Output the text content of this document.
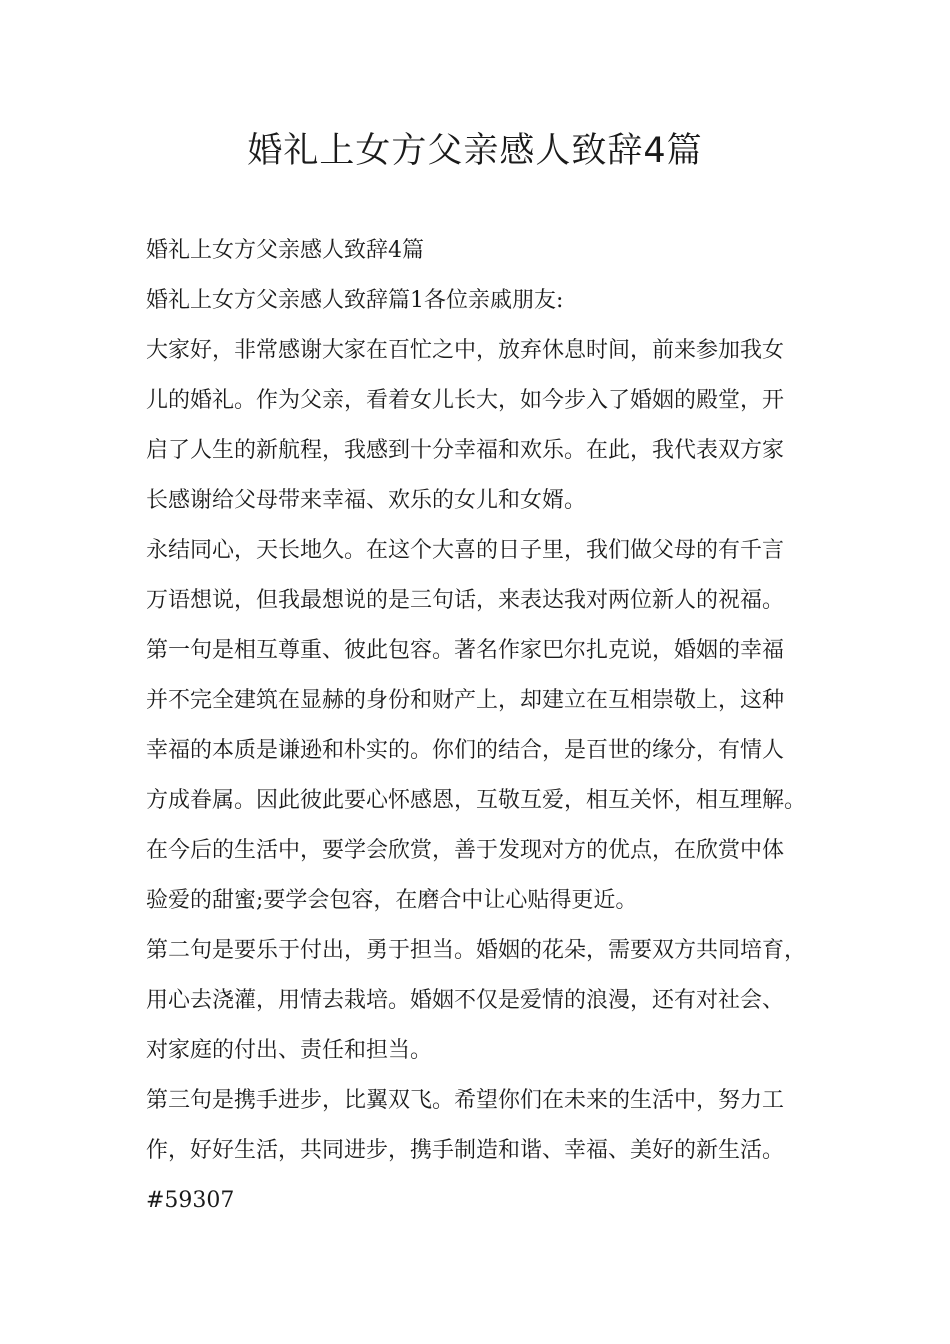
婚礼上女方父亲感人致辞4篇

婚礼上女方父亲感人致辞4篇

婚礼上女方父亲感人致辞篇1各位亲戚朋友:

大家好，非常感谢大家在百忙之中，放弃休息时间，前来参加我女

儿的婚礼。作为父亲，看着女儿长大，如今步入了婚姻的殿堂，开

启了人生的新航程，我感到十分幸福和欢乐。在此，我代表双方家

长感谢给父母带来幸福、欢乐的女儿和女婿。

永结同心，天长地久。在这个大喜的日子里，我们做父母的有千言

万语想说，但我最想说的是三句话，来表达我对两位新人的祝福。

第一句是相互尊重、彼此包容。著名作家巴尔扎克说，婚姻的幸福

并不完全建筑在显赫的身份和财产上，却建立在互相崇敬上，这种

幸福的本质是谦逊和朴实的。你们的结合，是百世的缘分，有情人

方成眷属。因此彼此要心怀感恩，互敬互爱，相互关怀，相互理解。

在今后的生活中，要学会欣赏，善于发现对方的优点，在欣赏中体

验爱的甜蜜;要学会包容，在磨合中让心贴得更近。

第二句是要乐于付出，勇于担当。婚姻的花朵，需要双方共同培育，

用心去浇灌，用情去栽培。婚姻不仅是爱情的浪漫，还有对社会、

对家庭的付出、责任和担当。

第三句是携手进步，比翼双飞。希望你们在未来的生活中，努力工

作，好好生活，共同进步，携手制造和谐、幸福、美好的新生活。

#59307
